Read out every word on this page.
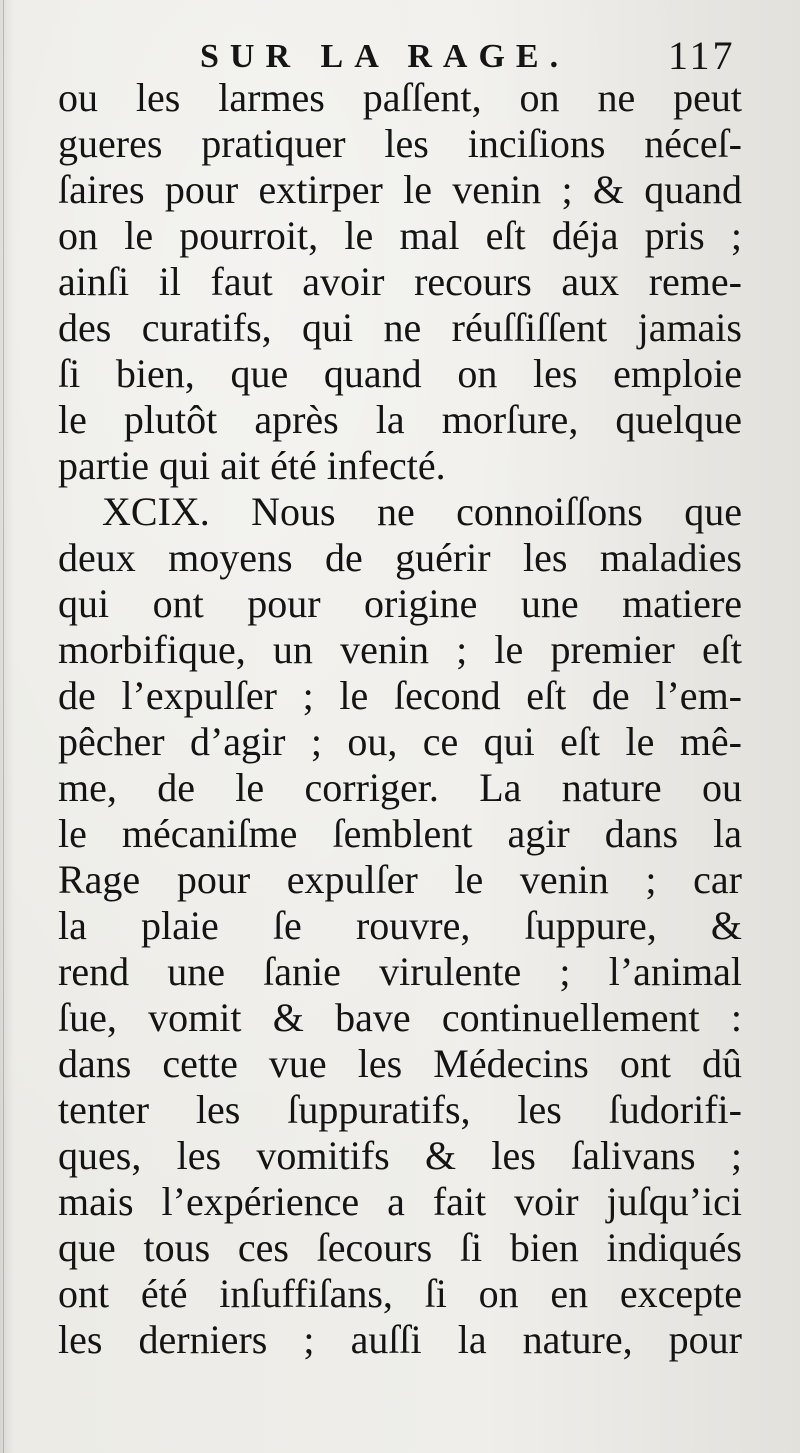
SUR LA RAGE. 117
ou les larmes paſſent, on ne peut
gueres pratiquer les inciſions néceſ-
ſaires pour extirper le venin ; & quand
on le pourroit, le mal eſt déja pris ;
ainſi il faut avoir recours aux reme-
des curatifs, qui ne réuſſiſſent jamais
ſi bien, que quand on les emploie
le plutôt après la morſure, quelque
partie qui ait été infecté.
XCIX. Nous ne connoiſſons que
deux moyens de guérir les maladies
qui ont pour origine une matiere
morbifique, un venin ; le premier eſt
de l’expulſer ; le ſecond eſt de l’em-
pêcher d’agir ; ou, ce qui eſt le mê-
me, de le corriger. La nature ou
le mécaniſme ſemblent agir dans la
Rage pour expulſer le venin ; car
la plaie ſe rouvre, ſuppure, &
rend une ſanie virulente ; l’animal
ſue, vomit & bave continuellement :
dans cette vue les Médecins ont dû
tenter les ſuppuratifs, les ſudorifi-
ques, les vomitifs & les ſalivans ;
mais l’expérience a fait voir juſqu’ici
que tous ces ſecours ſi bien indiqués
ont été inſuffiſans, ſi on en excepte
les derniers ; auſſi la nature, pour
